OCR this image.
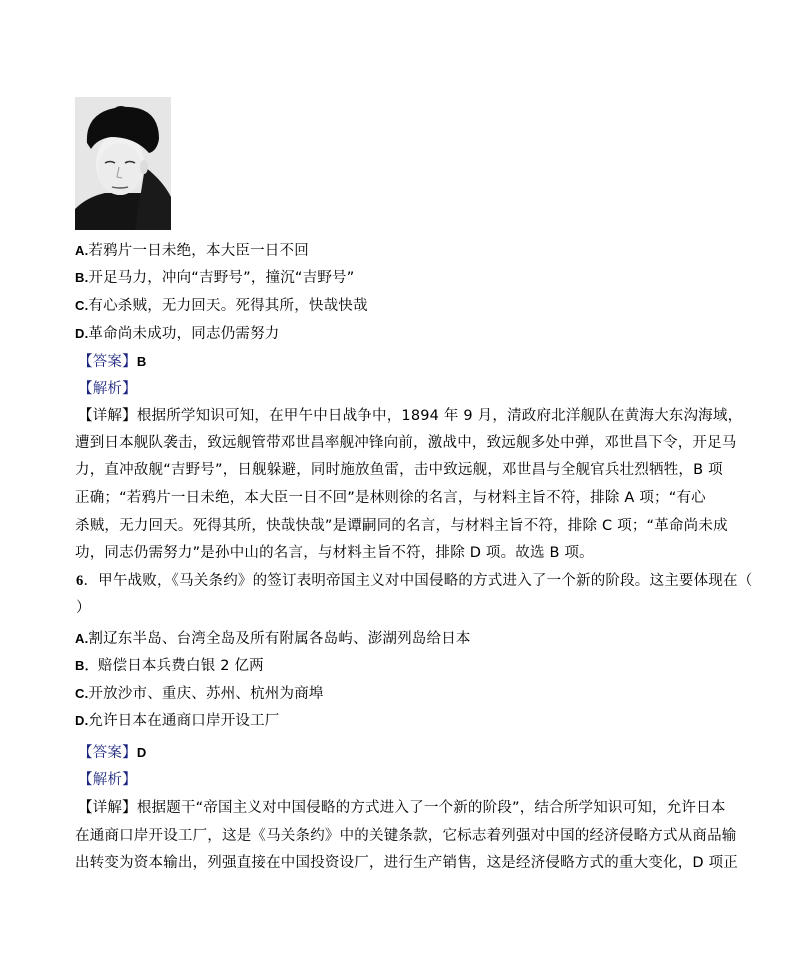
A.若鸦片一日未绝，本大臣一日不回
B.开足马力，冲向“吉野号”，撞沉“吉野号”
C.有心杀贼，无力回天。死得其所，快哉快哉
D.革命尚未成功，同志仍需努力
【答案】B
【解析】
【详解】根据所学知识可知，在甲午中日战争中，1894 年 9 月，清政府北洋舰队在黄海大东沟海域，
遭到日本舰队袭击，致远舰管带邓世昌率舰冲锋向前，激战中，致远舰多处中弹，邓世昌下令，开足马
力，直冲敌舰“吉野号”，日舰躲避，同时施放鱼雷，击中致远舰，邓世昌与全舰官兵壮烈牺牲，B 项
正确；“若鸦片一日未绝，本大臣一日不回”是林则徐的名言，与材料主旨不符，排除 A 项；“有心
杀贼，无力回天。死得其所，快哉快哉”是谭嗣同的名言，与材料主旨不符，排除 C 项；“革命尚未成
功，同志仍需努力”是孙中山的名言，与材料主旨不符，排除 D 项。故选 B 项。
6．甲午战败，《马关条约》的签订表明帝国主义对中国侵略的方式进入了一个新的阶段。这主要体现在（
）
A.割辽东半岛、台湾全岛及所有附属各岛屿、澎湖列岛给日本
B．赔偿日本兵费白银 2 亿两
C.开放沙市、重庆、苏州、杭州为商埠
D.允许日本在通商口岸开设工厂
【答案】D
【解析】
【详解】根据题干“帝国主义对中国侵略的方式进入了一个新的阶段”，结合所学知识可知，允许日本
在通商口岸开设工厂，这是《马关条约》中的关键条款，它标志着列强对中国的经济侵略方式从商品输
出转变为资本输出，列强直接在中国投资设厂，进行生产销售，这是经济侵略方式的重大变化，D 项正
